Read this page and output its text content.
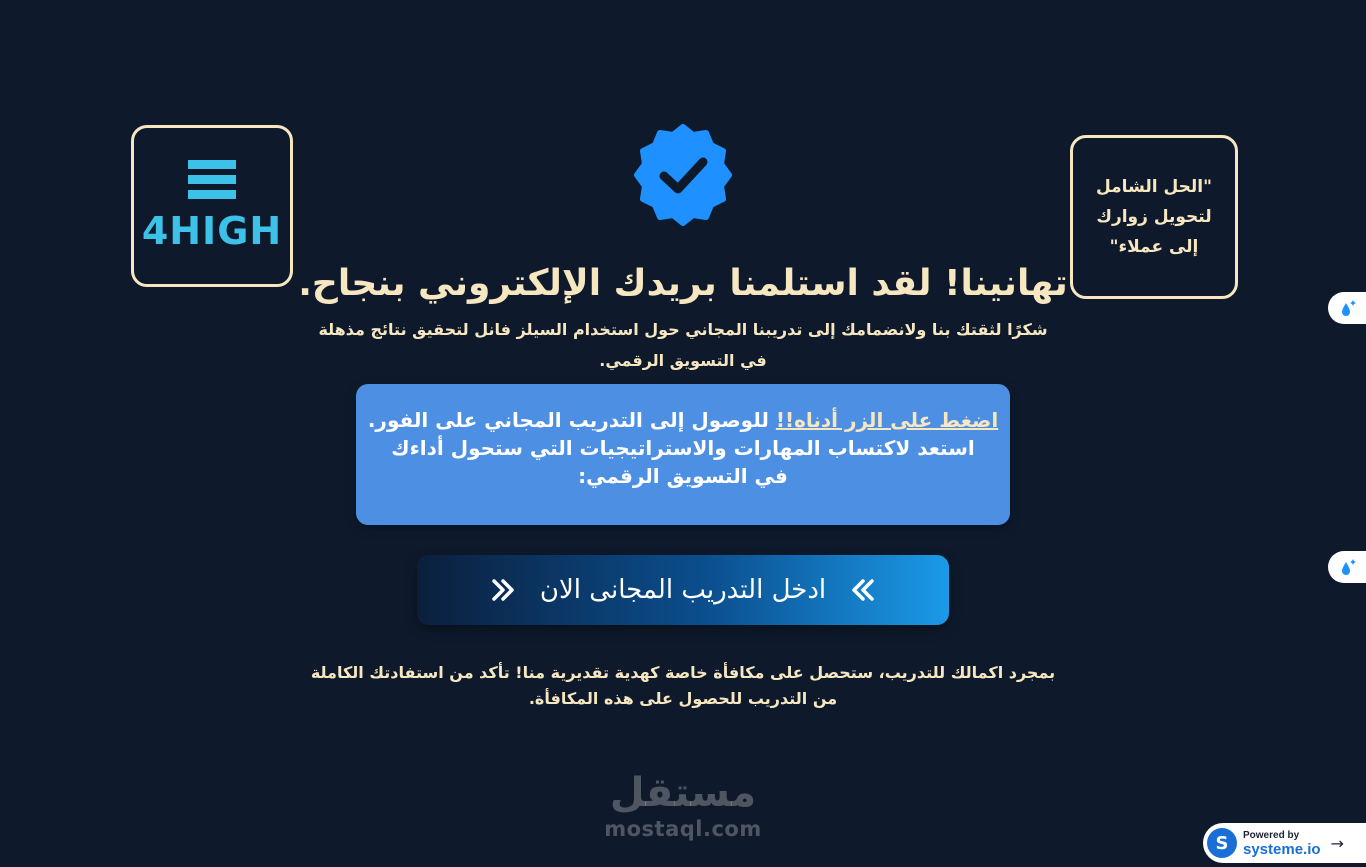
4HIGH
"الحل الشامل لتحويل زوارك إلى عملاء"
تهانينا! لقد استلمنا بريدك الإلكتروني بنجاح.
شكرًا لثقتك بنا ولانضمامك إلى تدريبنا المجاني حول استخدام السيلز فانل لتحقيق نتائج مذهلة في التسويق الرقمي.
اضغط على الزر أدناه!! للوصول إلى التدريب المجاني على الفور.
استعد لاكتساب المهارات والاستراتيجيات التي ستحول أداءك
في التسويق الرقمي:
ادخل التدريب المجانى الان
بمجرد اكمالك للتدريب، ستحصل على مكافأة خاصة كهدية تقديرية منا! تأكد من استفادتك الكاملة من التدريب للحصول على هذه المكافأة.
مستقل
mostaql.com
S	Powered by
systeme.io →
